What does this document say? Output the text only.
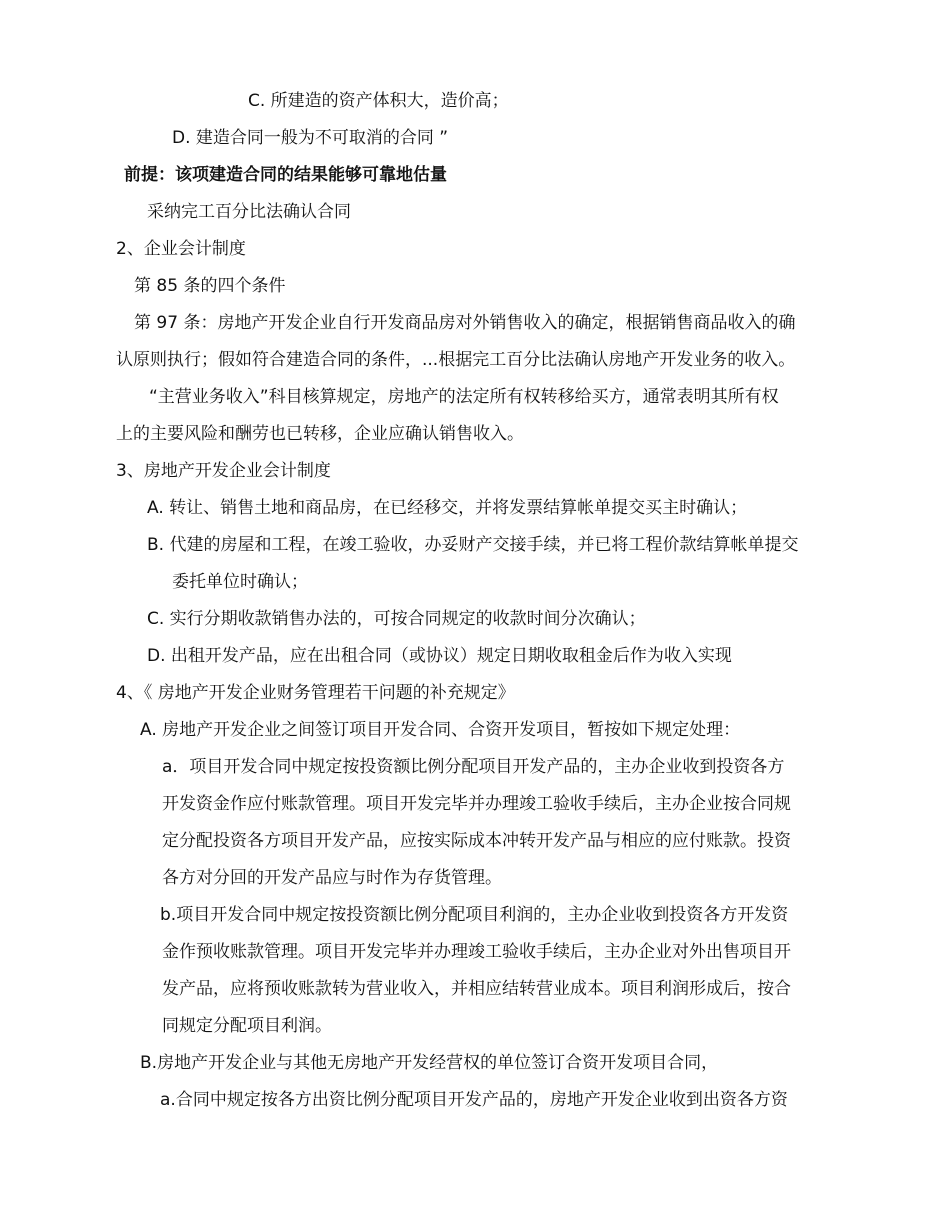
C. 所建造的资产体积大，造价高；
D. 建造合同一般为不可取消的合同 ”
前提：该项建造合同的结果能够可靠地估量
采纳完工百分比法确认合同
2、企业会计制度
第 85 条的四个条件
第 97 条：房地产开发企业自行开发商品房对外销售收入的确定，根据销售商品收入的确
认原则执行；假如符合建造合同的条件，...根据完工百分比法确认房地产开发业务的收入。
“主营业务收入”科目核算规定，房地产的法定所有权转移给买方，通常表明其所有权
上的主要风险和酬劳也已转移，企业应确认销售收入。
3、房地产开发企业会计制度
A. 转让、销售土地和商品房，在已经移交，并将发票结算帐单提交买主时确认；
B. 代建的房屋和工程，在竣工验收，办妥财产交接手续，并已将工程价款结算帐单提交
委托单位时确认；
C. 实行分期收款销售办法的，可按合同规定的收款时间分次确认；
D. 出租开发产品，应在出租合同（或协议）规定日期收取租金后作为收入实现
4、《 房地产开发企业财务管理若干问题的补充规定》
A. 房地产开发企业之间签订项目开发合同、合资开发项目，暂按如下规定处理：
a．项目开发合同中规定按投资额比例分配项目开发产品的，主办企业收到投资各方
开发资金作应付账款管理。项目开发完毕并办理竣工验收手续后，主办企业按合同规
定分配投资各方项目开发产品，应按实际成本冲转开发产品与相应的应付账款。投资
各方对分回的开发产品应与时作为存货管理。
b.项目开发合同中规定按投资额比例分配项目利润的，主办企业收到投资各方开发资
金作预收账款管理。项目开发完毕并办理竣工验收手续后，主办企业对外出售项目开
发产品，应将预收账款转为营业收入，并相应结转营业成本。项目利润形成后，按合
同规定分配项目利润。
B.房地产开发企业与其他无房地产开发经营权的单位签订合资开发项目合同，
a.合同中规定按各方出资比例分配项目开发产品的，房地产开发企业收到出资各方资
